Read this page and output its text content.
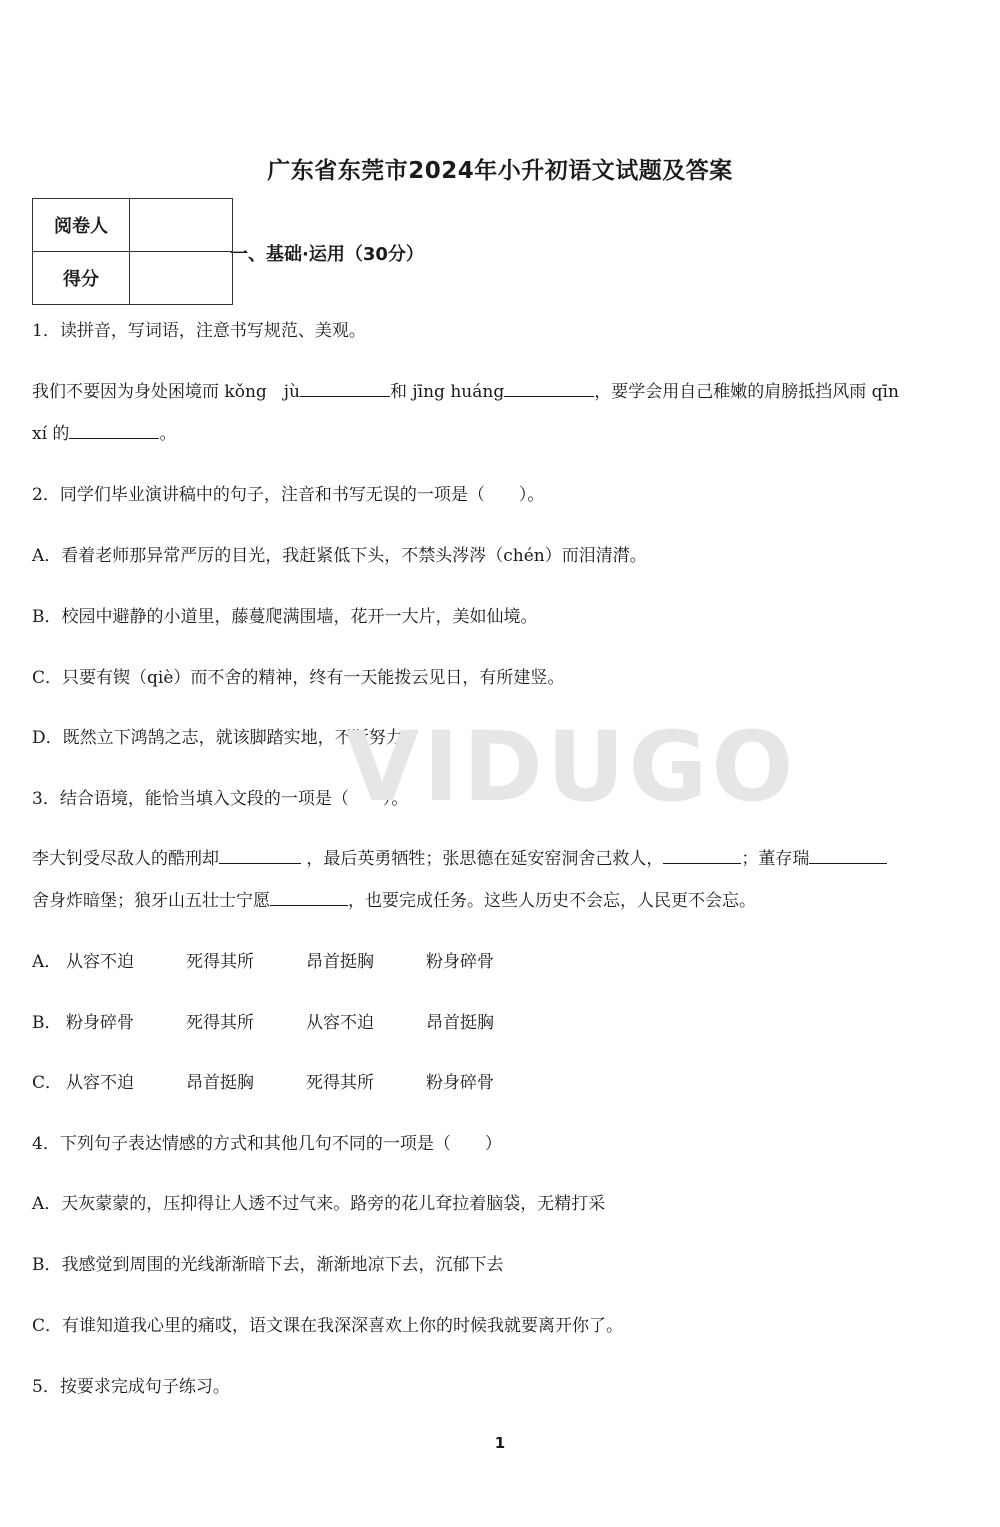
广东省东莞市2024年小升初语文试题及答案
阅卷人	
得分	
一、基础·运用（30分）
1．读拼音，写词语，注意书写规范、美观。
我们不要因为身处困境而 kǒng　jù	和 jīng huáng	，要学会用自己稚嫩的肩膀抵挡风雨 qīn
xí 的	。
2．同学们毕业演讲稿中的句子，注音和书写无误的一项是（　　）。
A．看着老师那异常严厉的目光，我赶紧低下头，不禁头涔涔（chén）而泪清潸。
B．校园中避静的小道里，藤蔓爬满围墙，花开一大片，美如仙境。
C．只要有锲（qiè）而不舍的精神，终有一天能拨云见日，有所建竖。
D．既然立下鸿鹄之志，就该脚踏实地，不断努力。
3．结合语境，能恰当填入文段的一项是（　　）。
李大钊受尽敌人的酷刑却	，最后英勇牺牲；张思德在延安窑洞舍己救人，	；董存瑞
舍身炸暗堡；狼牙山五壮士宁愿	，也要完成任务。这些人历史不会忘，人民更不会忘。
A． 从容不迫	死得其所	昂首挺胸	粉身碎骨
B． 粉身碎骨	死得其所	从容不迫	昂首挺胸
C． 从容不迫	昂首挺胸	死得其所	粉身碎骨
4．下列句子表达情感的方式和其他几句不同的一项是（　　）
A．天灰蒙蒙的，压抑得让人透不过气来。路旁的花儿耷拉着脑袋，无精打采
B．我感觉到周围的光线渐渐暗下去，渐渐地凉下去，沉郁下去
C．有谁知道我心里的痛哎，语文课在我深深喜欢上你的时候我就要离开你了。
5．按要求完成句子练习。
VIDUGO
1
